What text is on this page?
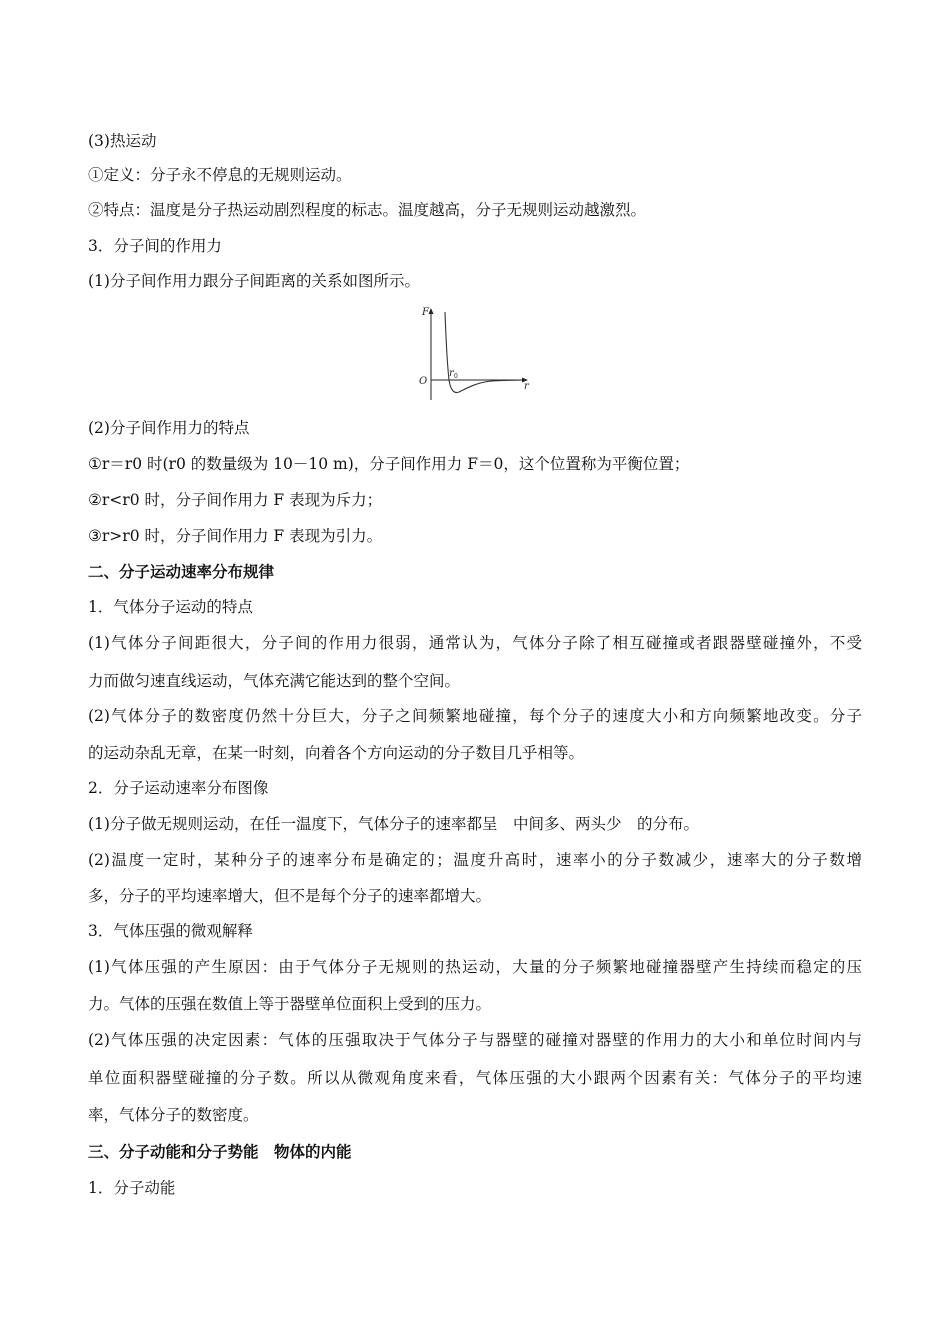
(3)热运动
①定义：分子永不停息的无规则运动。
②特点：温度是分子热运动剧烈程度的标志。温度越高，分子无规则运动越激烈。
3．分子间的作用力
(1)分子间作用力跟分子间距离的关系如图所示。
F
r
O
r 0
(2)分子间作用力的特点
①r＝r0 时(r0 的数量级为 10－10 m)，分子间作用力 F＝0，这个位置称为平衡位置；
②r<r0 时，分子间作用力 F 表现为斥力；
③r>r0 时，分子间作用力 F 表现为引力。
二、分子运动速率分布规律
1．气体分子运动的特点
(1)气体分子间距很大，分子间的作用力很弱，通常认为，气体分子除了相互碰撞或者跟器壁碰撞外，不受
力而做匀速直线运动，气体充满它能达到的整个空间。
(2)气体分子的数密度仍然十分巨大，分子之间频繁地碰撞，每个分子的速度大小和方向频繁地改变。分子
的运动杂乱无章，在某一时刻，向着各个方向运动的分子数目几乎相等。
2．分子运动速率分布图像
(1)分子做无规则运动，在任一温度下，气体分子的速率都呈　中间多、两头少　的分布。
(2)温度一定时，某种分子的速率分布是确定的；温度升高时，速率小的分子数减少，速率大的分子数增
多，分子的平均速率增大，但不是每个分子的速率都增大。
3．气体压强的微观解释
(1)气体压强的产生原因：由于气体分子无规则的热运动，大量的分子频繁地碰撞器壁产生持续而稳定的压
力。气体的压强在数值上等于器壁单位面积上受到的压力。
(2)气体压强的决定因素：气体的压强取决于气体分子与器壁的碰撞对器壁的作用力的大小和单位时间内与
单位面积器壁碰撞的分子数。所以从微观角度来看，气体压强的大小跟两个因素有关：气体分子的平均速
率，气体分子的数密度。
三、分子动能和分子势能　物体的内能
1．分子动能
